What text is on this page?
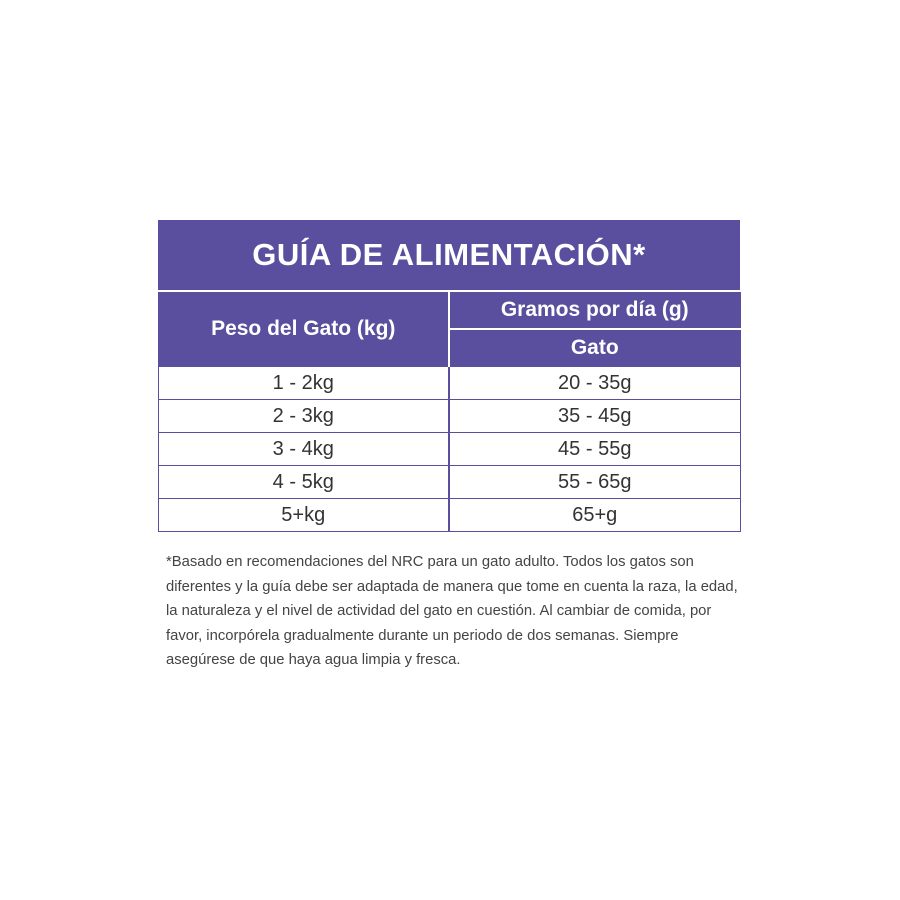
GUÍA DE ALIMENTACIÓN*
Peso del Gato (kg)	Gramos por día (g)
	Gato
1 - 2kg	20 - 35g
2 - 3kg	35 - 45g
3 - 4kg	45 - 55g
4 - 5kg	55 - 65g
5+kg	65+g

*Basado en recomendaciones del NRC para un gato adulto. Todos los gatos son diferentes y la guía debe ser adaptada de manera que tome en cuenta la raza, la edad, la naturaleza y el nivel de actividad del gato en cuestión. Al cambiar de comida, por favor, incorpórela gradualmente durante un periodo de dos semanas. Siempre asegúrese de que haya agua limpia y fresca.
